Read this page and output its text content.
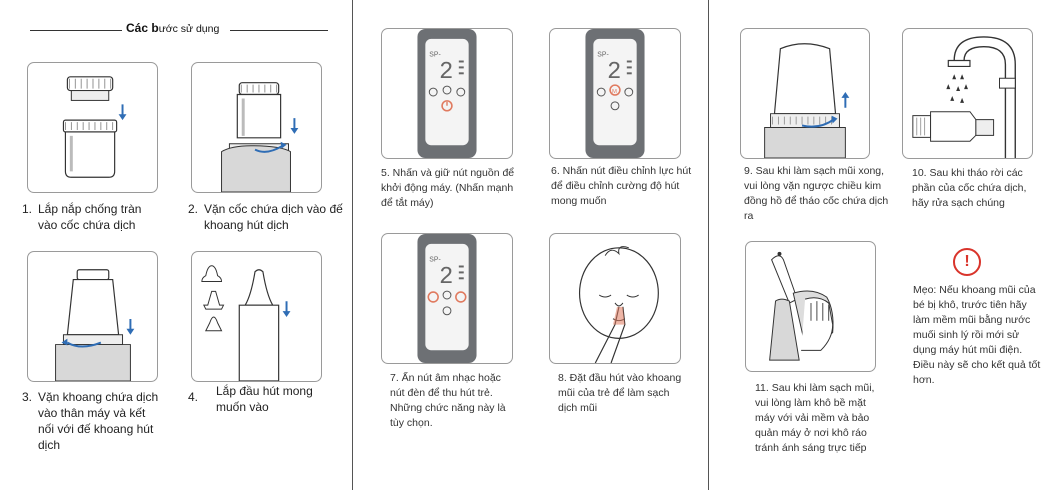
Các bước sử dụng
1. Lắp nắp chống tràn vào cốc chứa dịch
2. Vặn cốc chứa dịch vào đế khoang hút dịch
3. Vặn khoang chứa dịch vào thân máy và kết nối với đế khoang hút dịch
4. Lắp đầu hút mong muốn vào
SP-
2
5. Nhấn và giữ nút nguồn để khởi động máy. (Nhấn mạnh để tắt máy)
SP-
2
M
6. Nhấn nút điều chỉnh lực hút để điều chỉnh cường độ hút mong muốn
SP-
2
7. Ấn nút âm nhạc hoặc nút đèn để thu hút trẻ. Những chức năng này là tùy chọn.
8. Đặt đầu hút vào khoang mũi của trẻ để làm sạch dịch mũi
9. Sau khi làm sạch mũi xong, vui lòng vặn ngược chiều kim đồng hồ để tháo cốc chứa dịch ra
10. Sau khi tháo rời các phần của cốc chứa dịch, hãy rửa sạch chúng
11. Sau khi làm sạch mũi, vui lòng làm khô bề mặt máy với vải mềm và bảo quản máy ở nơi khô ráo tránh ánh sáng trực tiếp
!
Mẹo: Nếu khoang mũi của bé bị khô, trước tiên hãy làm mềm mũi bằng nước muối sinh lý rồi mới sử dụng máy hút mũi điện. Điều này sẽ cho kết quả tốt hơn.
